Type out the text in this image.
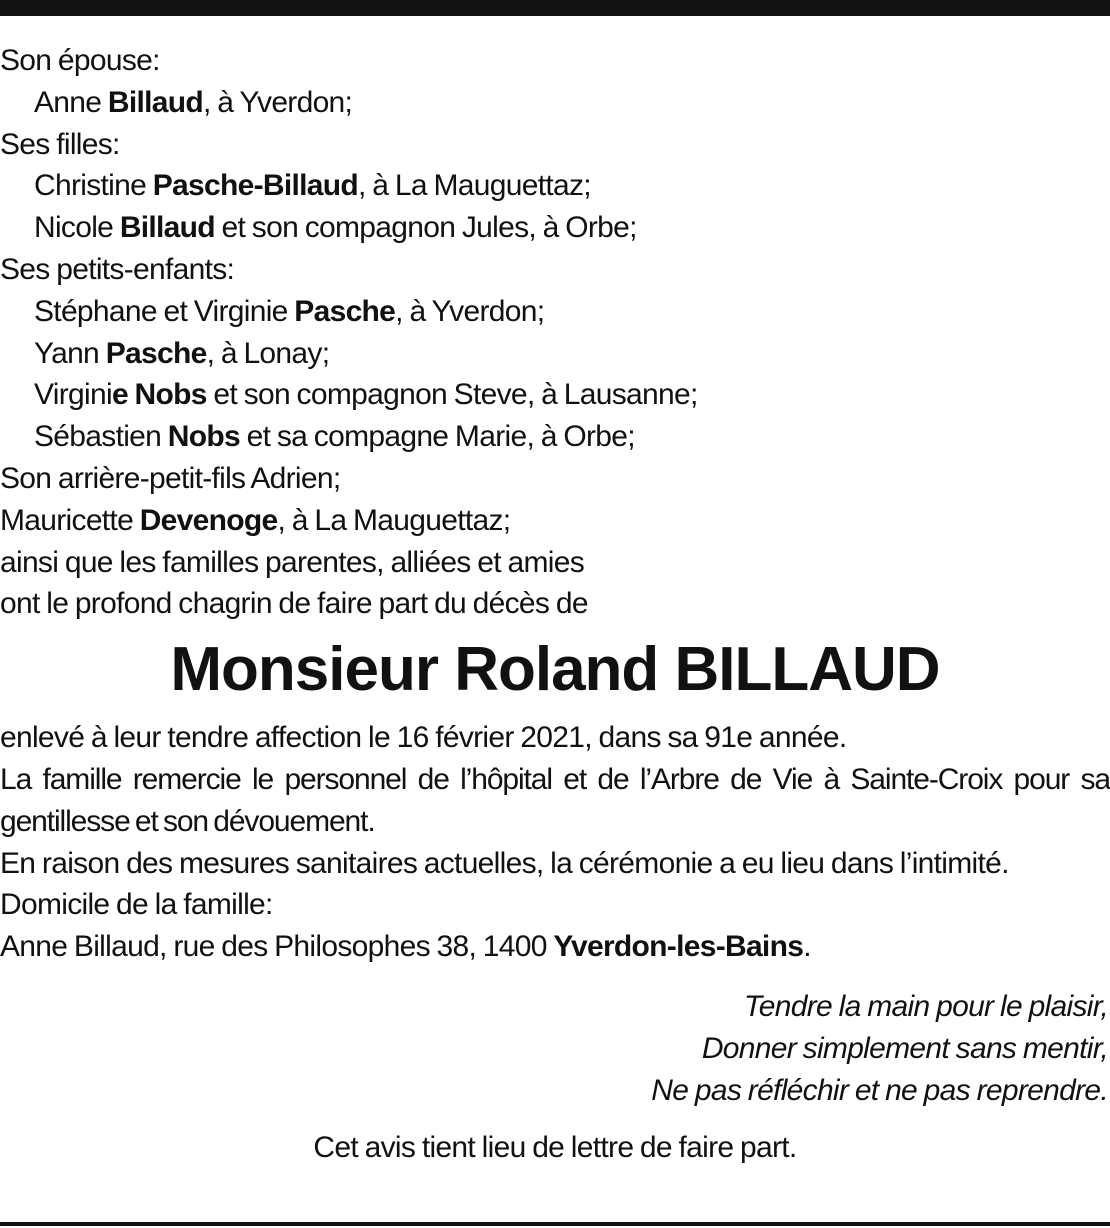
Son épouse:
Anne Billaud, à Yverdon;
Ses filles:
Christine Pasche-Billaud, à La Mauguettaz;
Nicole Billaud et son compagnon Jules, à Orbe;
Ses petits-enfants:
Stéphane et Virginie Pasche, à Yverdon;
Yann Pasche, à Lonay;
Virginie Nobs et son compagnon Steve, à Lausanne;
Sébastien Nobs et sa compagne Marie, à Orbe;
Son arrière-petit-fils Adrien;
Mauricette Devenoge, à La Mauguettaz;
ainsi que les familles parentes, alliées et amies
ont le profond chagrin de faire part du décès de
Monsieur Roland BILLAUD
enlevé à leur tendre affection le 16 février 2021, dans sa 91e année.
La famille remercie le personnel de l’hôpital et de l’Arbre de Vie à Sainte-Croix pour sa gentillesse et son dévouement.
En raison des mesures sanitaires actuelles, la cérémonie a eu lieu dans l’intimité.
Domicile de la famille:
Anne Billaud, rue des Philosophes 38, 1400 Yverdon-les-Bains.
Tendre la main pour le plaisir,
Donner simplement sans mentir,
Ne pas réfléchir et ne pas reprendre.
Cet avis tient lieu de lettre de faire part.
